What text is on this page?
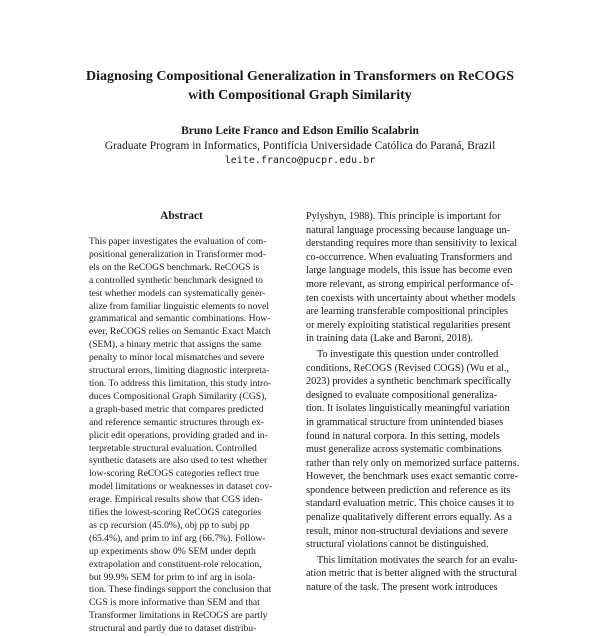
Diagnosing Compositional Generalization in Transformers on ReCOGS
with Compositional Graph Similarity
Bruno Leite Franco and Edson Emilio Scalabrin
Graduate Program in Informatics, Pontifícia Universidade Católica do Paraná, Brazil
leite.franco@pucpr.edu.br
Abstract
This paper investigates the evaluation of com-
positional generalization in Transformer mod-
els on the ReCOGS benchmark. ReCOGS is
a controlled synthetic benchmark designed to
test whether models can systematically gener-
alize from familiar linguistic elements to novel
grammatical and semantic combinations. How-
ever, ReCOGS relies on Semantic Exact Match
(SEM), a binary metric that assigns the same
penalty to minor local mismatches and severe
structural errors, limiting diagnostic interpreta-
tion. To address this limitation, this study intro-
duces Compositional Graph Similarity (CGS),
a graph-based metric that compares predicted
and reference semantic structures through ex-
plicit edit operations, providing graded and in-
terpretable structural evaluation. Controlled
synthetic datasets are also used to test whether
low-scoring ReCOGS categories reflect true
model limitations or weaknesses in dataset cov-
erage. Empirical results show that CGS iden-
tifies the lowest-scoring ReCOGS categories
as cp recursion (45.0%), obj pp to subj pp
(65.4%), and prim to inf arg (66.7%). Follow-
up experiments show 0% SEM under depth
extrapolation and constituent-role relocation,
but 99.9% SEM for prim to inf arg in isola-
tion. These findings support the conclusion that
CGS is more informative than SEM and that
Transformer limitations in ReCOGS are partly
structural and partly due to dataset distribu-
Pylyshyn, 1988). This principle is important for
natural language processing because language un-
derstanding requires more than sensitivity to lexical
co-occurrence. When evaluating Transformers and
large language models, this issue has become even
more relevant, as strong empirical performance of-
ten coexists with uncertainty about whether models
are learning transferable compositional principles
or merely exploiting statistical regularities present
in training data (Lake and Baroni, 2018).
To investigate this question under controlled
conditions, ReCOGS (Revised COGS) (Wu et al.,
2023) provides a synthetic benchmark specifically
designed to evaluate compositional generaliza-
tion. It isolates linguistically meaningful variation
in grammatical structure from unintended biases
found in natural corpora. In this setting, models
must generalize across systematic combinations
rather than rely only on memorized surface patterns.
However, the benchmark uses exact semantic corre-
spondence between prediction and reference as its
standard evaluation metric. This choice causes it to
penalize qualitatively different errors equally. As a
result, minor non-structural deviations and severe
structural violations cannot be distinguished.
This limitation motivates the search for an evalu-
ation metric that is better aligned with the structural
nature of the task. The present work introduces
